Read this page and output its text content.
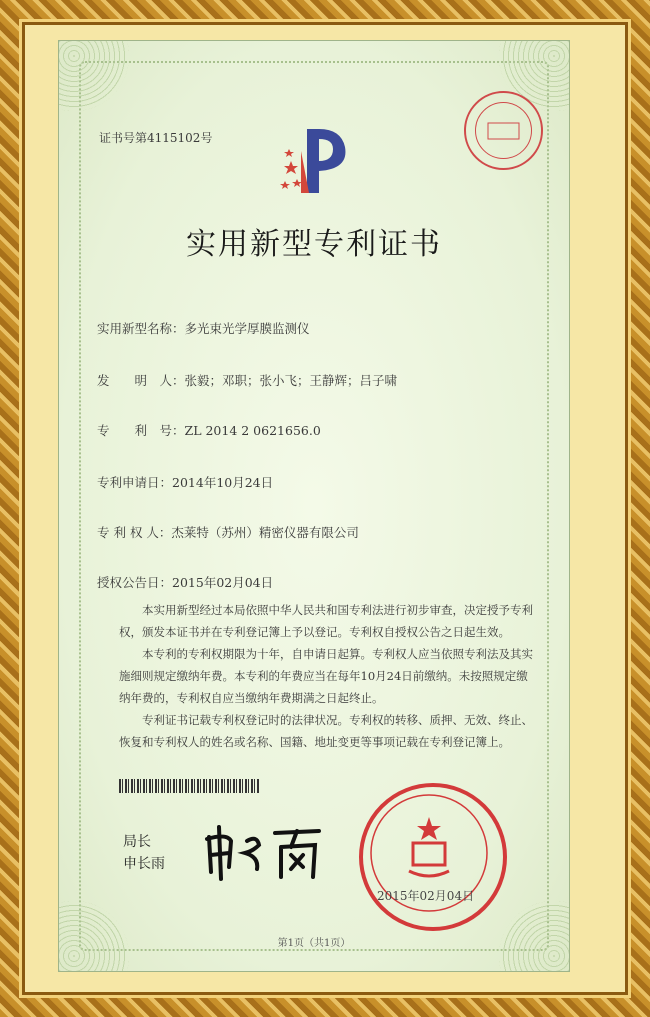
证书号第4115102号
实用新型专利证书
实用新型名称：多光束光学厚膜监测仪
发　　明　人：张毅；邓职；张小飞；王静辉；吕子啸
专　　利　号：ZL 2014 2 0621656.0
专利申请日：2014年10月24日
专 利 权 人：杰莱特（苏州）精密仪器有限公司
授权公告日：2015年02月04日
本实用新型经过本局依照中华人民共和国专利法进行初步审查，决定授予专利权，颁发本证书并在专利登记簿上予以登记。专利权自授权公告之日起生效。
本专利的专利权期限为十年，自申请日起算。专利权人应当依照专利法及其实施细则规定缴纳年费。本专利的年费应当在每年10月24日前缴纳。未按照规定缴纳年费的，专利权自应当缴纳年费期满之日起终止。
专利证书记载专利权登记时的法律状况。专利权的转移、质押、无效、终止、恢复和专利权人的姓名或名称、国籍、地址变更等事项记载在专利登记簿上。
局长
申长雨
2015年02月04日
第1页（共1页）
